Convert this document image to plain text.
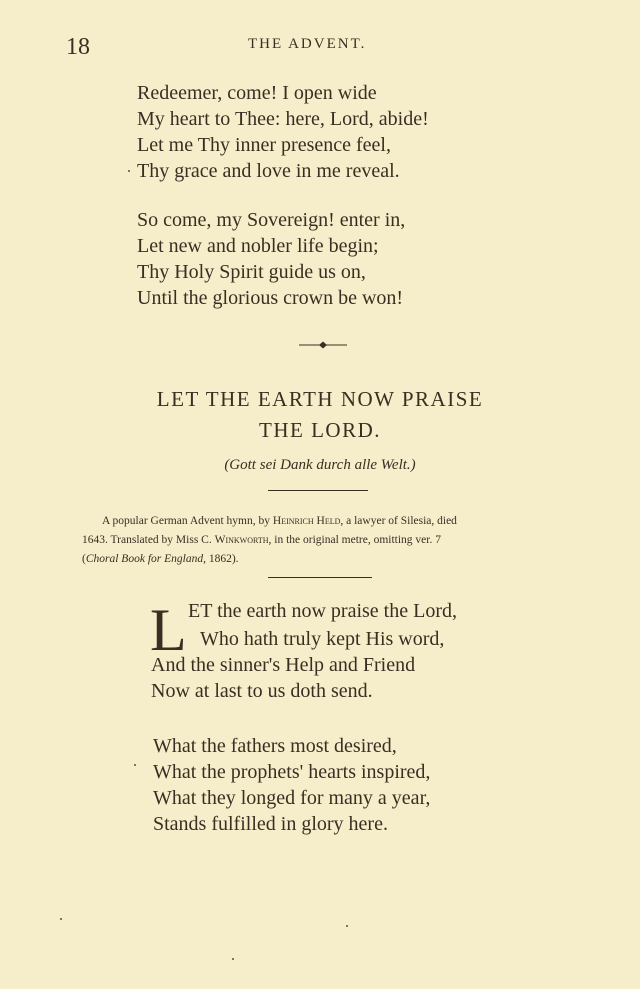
18	THE ADVENT.
Redeemer, come! I open wide
My heart to Thee: here, Lord, abide!
Let me Thy inner presence feel,
Thy grace and love in me reveal.
So come, my Sovereign! enter in,
Let new and nobler life begin;
Thy Holy Spirit guide us on,
Until the glorious crown be won!
LET THE EARTH NOW PRAISE
THE LORD.
(Gott sei Dank durch alle Welt.)

A popular German Advent hymn, by Heinrich Held, a lawyer of Silesia, died

1643. Translated by Miss C. Winkworth, in the original metre, omitting ver. 7

(Choral Book for England, 1862).

L ET the earth now praise the Lord,
Who hath truly kept His word,
And the sinner's Help and Friend
Now at last to us doth send.
What the fathers most desired,
What the prophets' hearts inspired,
What they longed for many a year,
Stands fulfilled in glory here.
